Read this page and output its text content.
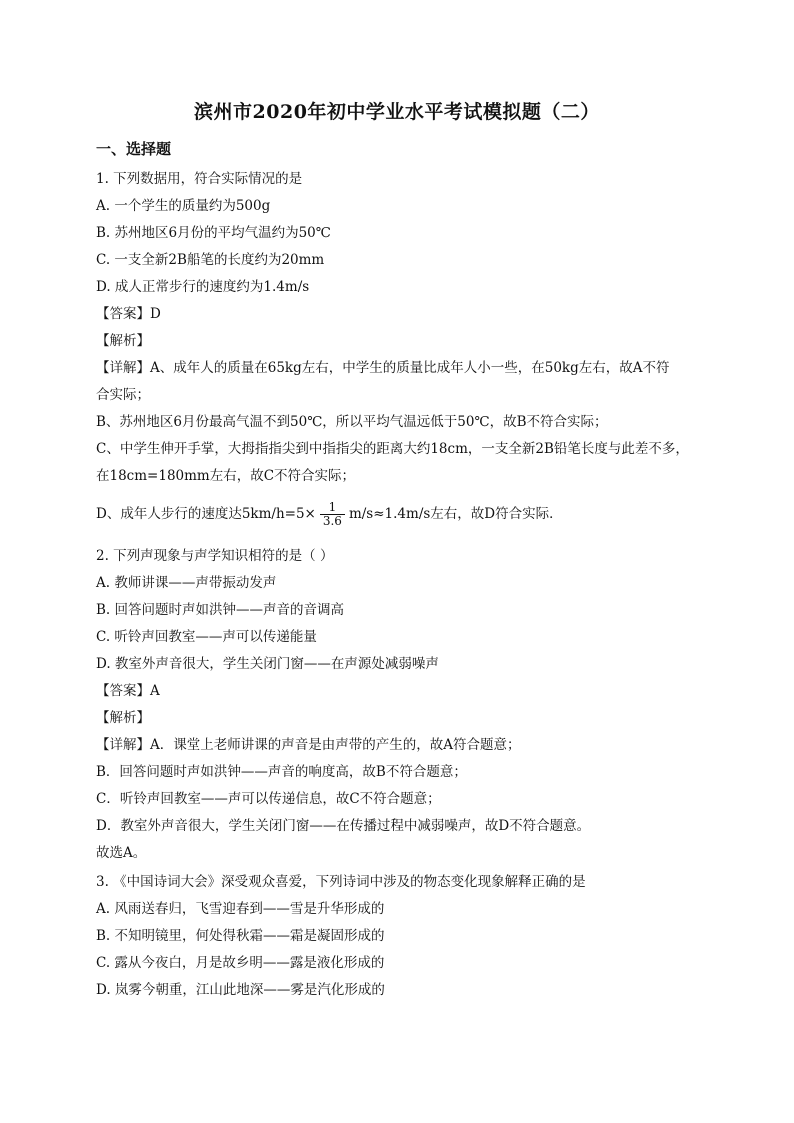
滨州市2020年初中学业水平考试模拟题（二）
一、选择题
1. 下列数据用，符合实际情况的是
A. 一个学生的质量约为500g
B. 苏州地区6月份的平均气温约为50℃
C. 一支全新2B船笔的长度约为20mm
D. 成人正常步行的速度约为1.4m/s
【答案】D
【解析】
【详解】A、成年人的质量在65kg左右，中学生的质量比成年人小一些，在50kg左右，故A不符
合实际；
B、苏州地区6月份最高气温不到50℃，所以平均气温远低于50℃，故B不符合实际；
C、中学生伸开手掌，大拇指指尖到中指指尖的距离大约18cm，一支全新2B铅笔长度与此差不多，
在18cm=180mm左右，故C不符合实际；
D、成年人步行的速度达$5km/h=5\times \frac{1}{3.6} m/s\approx 1.4m/s$左右，故D符合实际．
2. 下列声现象与声学知识相符的是（ ）
A. 教师讲课——声带振动发声
B. 回答问题时声如洪钟——声音的音调高
C. 听铃声回教室——声可以传递能量
D. 教室外声音很大，学生关闭门窗——在声源处减弱噪声
【答案】A
【解析】
【详解】A．课堂上老师讲课的声音是由声带的产生的，故A符合题意；
B．回答问题时声如洪钟——声音的响度高，故B不符合题意；
C．听铃声回教室——声可以传递信息，故C不符合题意；
D．教室外声音很大，学生关闭门窗——在传播过程中减弱噪声，故D不符合题意。
故选A。
3. 《中国诗词大会》深受观众喜爱，下列诗词中涉及的物态变化现象解释正确的是
A. 风雨送春归，飞雪迎春到——雪是升华形成的
B. 不知明镜里，何处得秋霜——霜是凝固形成的
C. 露从今夜白，月是故乡明——露是液化形成的
D. 岚雾今朝重，江山此地深——雾是汽化形成的
